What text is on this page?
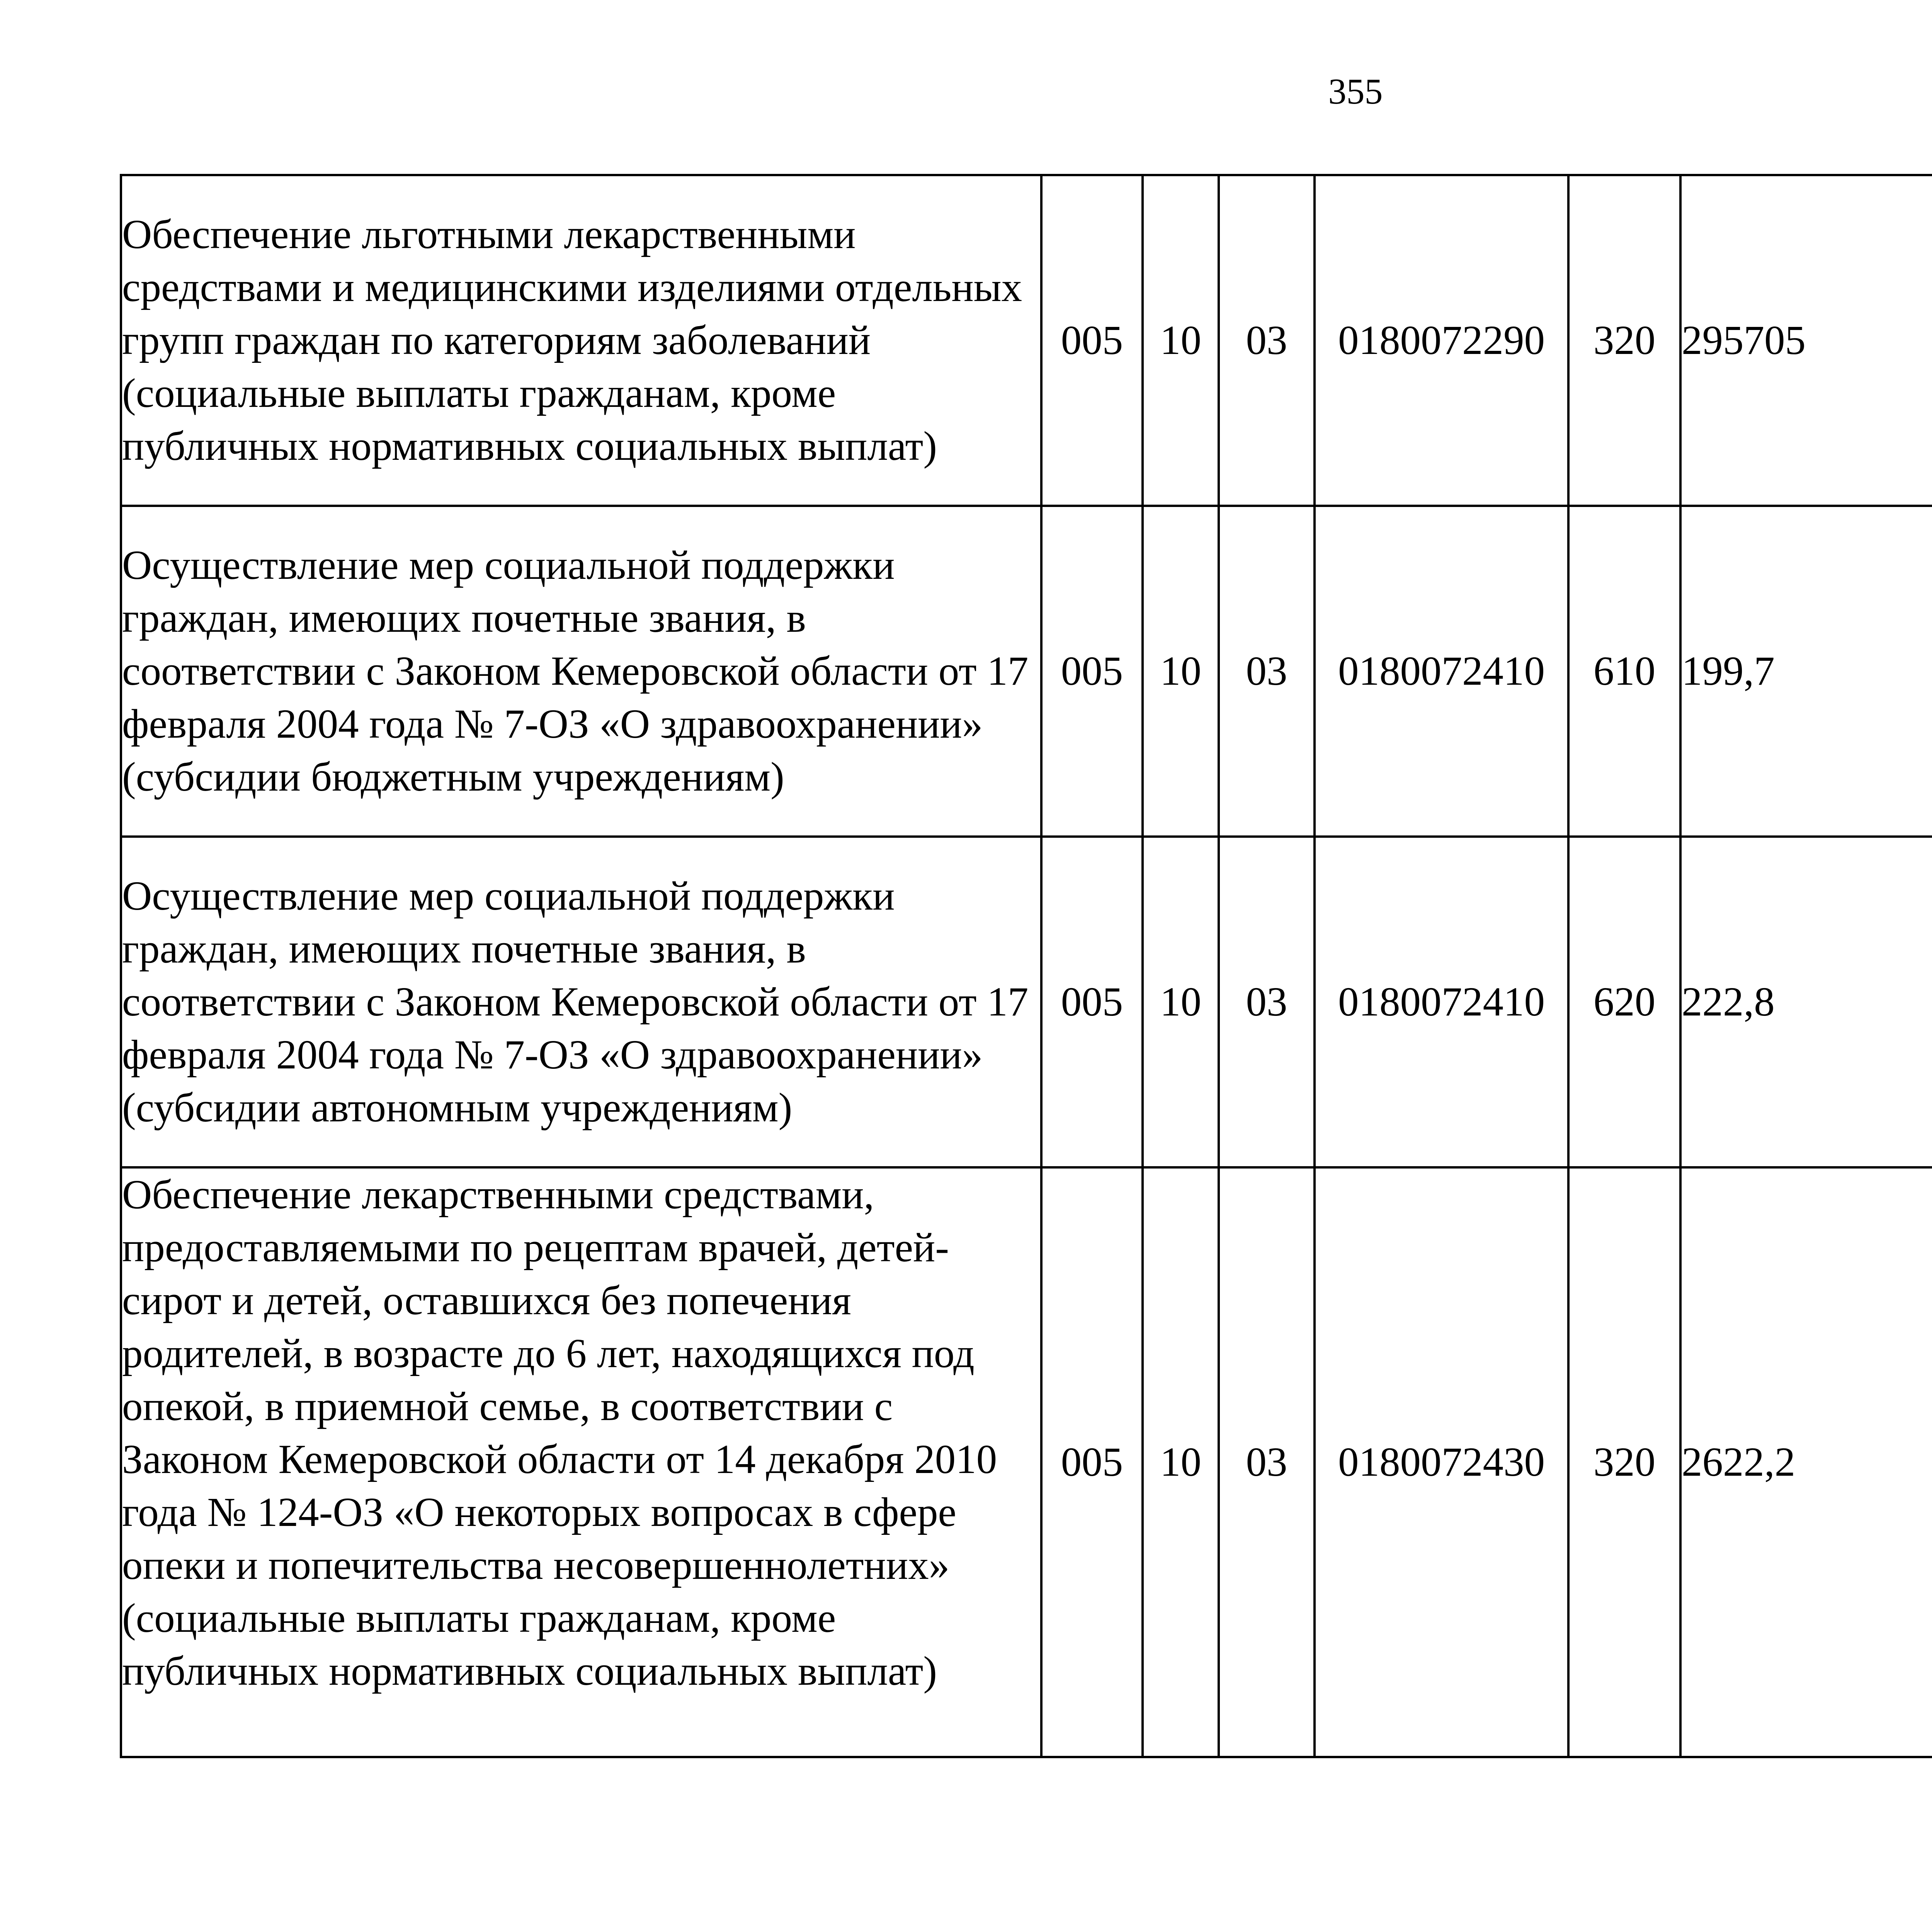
355
Обеспечение льготными лекарственными средствами и медицинскими изделиями отдельных групп граждан по категориям заболеваний (социальные выплаты гражданам, кроме публичных нормативных социальных выплат)	005	10	03	0180072290	320	295705		
Осуществление мер социальной поддержки граждан, имеющих почетные звания, в соответствии с Законом Кемеровской области от 17 февраля 2004 года № 7-ОЗ «О здравоохранении» (субсидии бюджетным учреждениям)	005	10	03	0180072410	610	199,7		
Осуществление мер социальной поддержки граждан, имеющих почетные звания, в соответствии с Законом Кемеровской области от 17 февраля 2004 года № 7-ОЗ «О здравоохранении» (субсидии автономным учреждениям)	005	10	03	0180072410	620	222,8		
Обеспечение лекарственными средствами, предоставляемыми по рецептам врачей, детей-сирот и детей, оставшихся без попечения родителей, в возрасте до 6 лет, находящихся под опекой, в приемной семье, в соответствии с Законом Кемеровской области от 14 декабря 2010 года № 124-ОЗ «О некоторых вопросах в сфере опеки и попечительства несовершеннолетних» (социальные выплаты гражданам, кроме публичных нормативных социальных выплат)	005	10	03	0180072430	320	2622,2		
